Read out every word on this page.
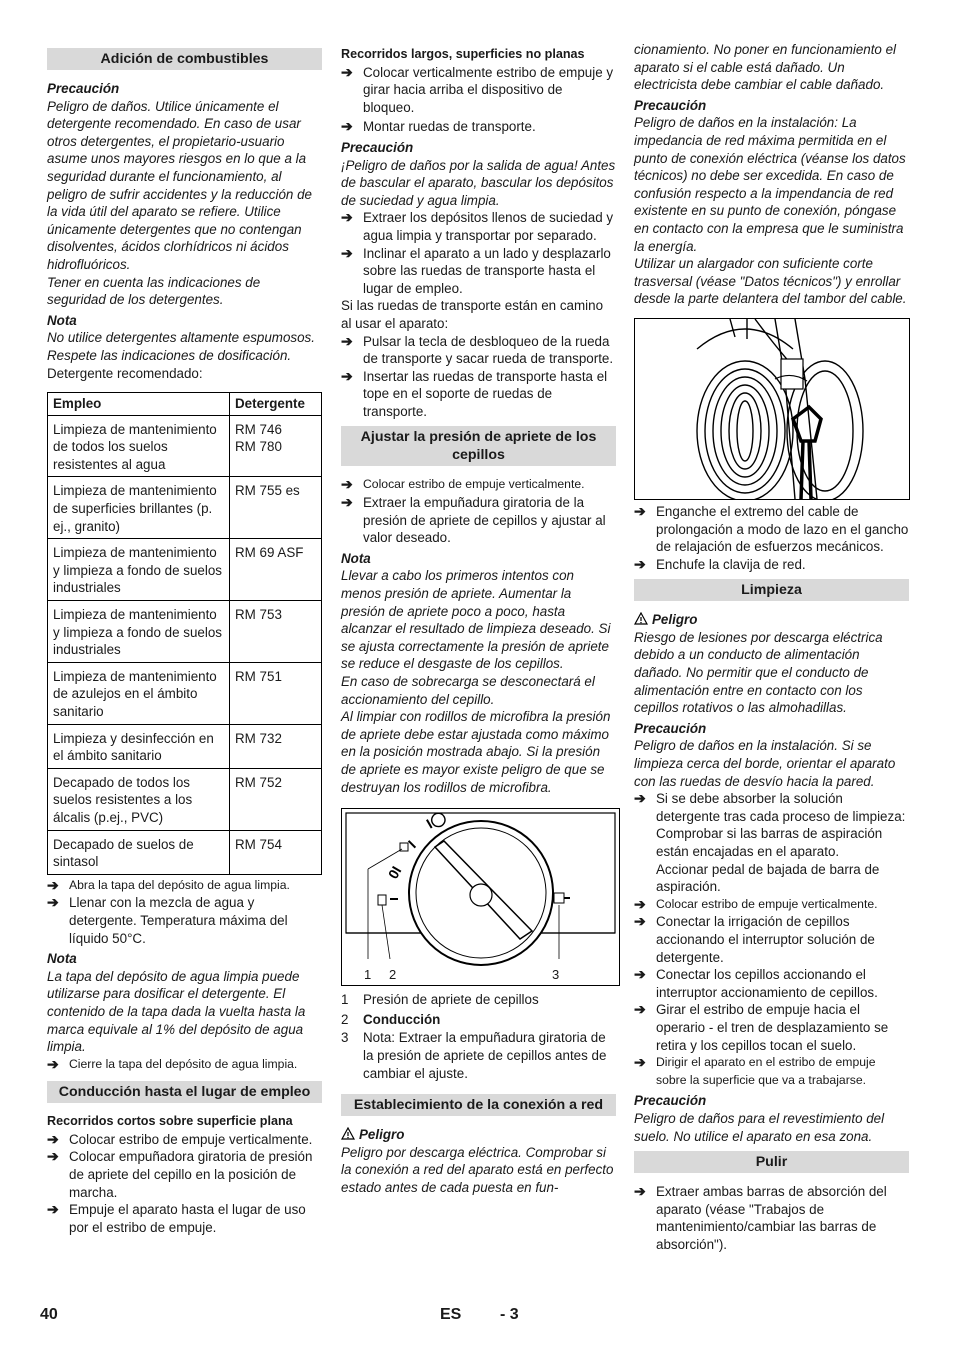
Adición de combustibles
Precaución
Peligro de daños. Utilice únicamente el detergente recomendado. En caso de usar otros detergentes, el propietario-usuario asume unos mayores riesgos en lo que a la seguridad durante el funcionamiento, al peligro de sufrir accidentes y la reducción de la vida útil del aparato se refiere. Utilice únicamente detergentes que no contengan disolventes, ácidos clorhídricos ni ácidos hidrofluóricos.
Tener en cuenta las indicaciones de seguridad de los detergentes.
Nota
No utilice detergentes altamente espumosos. Respete las indicaciones de dosificación.
Detergente recomendado:
Empleo	Detergente
Limpieza de mantenimiento de todos los suelos resistentes al agua	RM 746
RM 780
Limpieza de mantenimiento de superficies brillantes (p. ej., granito)	RM 755 es
Limpieza de mantenimiento y limpieza a fondo de suelos industriales	RM 69 ASF
Limpieza de mantenimiento y limpieza a fondo de suelos industriales	RM 753
Limpieza de mantenimiento de azulejos en el ámbito sanitario	RM 751
Limpieza y desinfección en el ámbito sanitario	RM 732
Decapado de todos los suelos resistentes a los álcalis (p.ej., PVC)	RM 752
Decapado de suelos de sintasol	RM 754
➔ Abra la tapa del depósito de agua limpia.
➔ Llenar con la mezcla de agua y detergente. Temperatura máxima del líquido 50°C.
Nota
La tapa del depósito de agua limpia puede utilizarse para dosificar el detergente. El contenido de la tapa dada la vuelta hasta la marca equivale al 1% del depósito de agua limpia.
➔ Cierre la tapa del depósito de agua limpia.
Conducción hasta el lugar de empleo
Recorridos cortos sobre superficie plana
➔ Colocar estribo de empuje verticalmente.
➔ Colocar empuñadora giratoria de presión de apriete del cepillo en la posición de marcha.
➔ Empuje el aparato hasta el lugar de uso por el estribo de empuje.
Recorridos largos, superficies no planas
➔ Colocar verticalmente estribo de empuje y girar hacia arriba el dispositivo de bloqueo.
➔ Montar ruedas de transporte.
Precaución
¡Peligro de daños por la salida de agua! Antes de bascular el aparato, bascular los depósitos de suciedad y agua limpia.
➔ Extraer los depósitos llenos de suciedad y agua limpia y transportar por separado.
➔ Inclinar el aparato a un lado y desplazarlo sobre las ruedas de transporte hasta el lugar de empleo.
Si las ruedas de transporte están en camino al usar el aparato:
➔ Pulsar la tecla de desbloqueo de la rueda de transporte y sacar rueda de transporte.
➔ Insertar las ruedas de transporte hasta el tope en el soporte de ruedas de transporte.
Ajustar la presión de apriete de los cepillos
➔ Colocar estribo de empuje verticalmente.
➔ Extraer la empuñadura giratoria de la presión de apriete de cepillos y ajustar al valor deseado.
Nota
Llevar a cabo los primeros intentos con menos presión de apriete. Aumentar la presión de apriete poco a poco, hasta alcanzar el resultado de limpieza deseado. Si se ajusta correctamente la presión de apriete se reduce el desgaste de los cepillos.
En caso de sobrecarga se desconectará el accionamiento del cepillo.
Al limpiar con rodillos de microfibra la presión de apriete debe estar ajustada como máximo en la posición mostrada abajo. Si la presión de apriete es mayor existe peligro de que se destruyan los rodillos de microfibra.
0I
I
I◯
1 2	3
1	Presión de apriete de cepillos
2	Conducción
3	Nota: Extraer la empuñadura giratoria de la presión de apriete de cepillos antes de cambiar el ajuste.
Establecimiento de la conexión a red
Peligro
Peligro por descarga eléctrica. Comprobar si la conexión a red del aparato está en perfecto estado antes de cada puesta en fun-
cionamiento. No poner en funcionamiento el aparato si el cable está dañado. Un electricista debe cambiar el cable dañado.
Precaución
Peligro de daños en la instalación: La impedancia de red máxima permitida en el punto de conexión eléctrica (véanse los datos técnicos) no debe ser excedida. En caso de confusión respecto a la impendancia de red existente en su punto de conexión, póngase en contacto con la empresa que le suministra la energía.
Utilizar un alargador con suficiente corte trasversal (véase "Datos técnicos") y enrollar desde la parte delantera del tambor del cable.
➔ Enganche el extremo del cable de prolongación a modo de lazo en el gancho de relajación de esfuerzos mecánicos.
➔ Enchufe la clavija de red.
Limpieza
Peligro
Riesgo de lesiones por descarga eléctrica debido a un conducto de alimentación dañado. No permitir que el conducto de alimentación entre en contacto con los cepillos rotativos o las almohadillas.
Precaución
Peligro de daños en la instalación. Si se limpieza cerca del borde, orientar el aparato con las ruedas de desvío hacia la pared.
➔ Si se debe absorber la solución detergente tras cada proceso de limpieza: Comprobar si las barras de aspiración están encajadas en el aparato.
Accionar pedal de bajada de barra de aspiración.
➔ Colocar estribo de empuje verticalmente.
➔ Conectar la irrigación de cepillos accionando el interruptor solución de detergente.
➔ Conectar los cepillos accionando el interruptor accionamiento de cepillos.
➔ Girar el estribo de empuje hacia el operario - el tren de desplazamiento se retira y los cepillos tocan el suelo.
➔ Dirigir el aparato en el estribo de empuje sobre la superficie que va a trabajarse.
Precaución
Peligro de daños para el revestimiento del suelo. No utilice el aparato en esa zona.
Pulir
➔ Extraer ambas barras de absorción del aparato (véase "Trabajos de mantenimiento/cambiar las barras de absorción").
40	ES - 3
